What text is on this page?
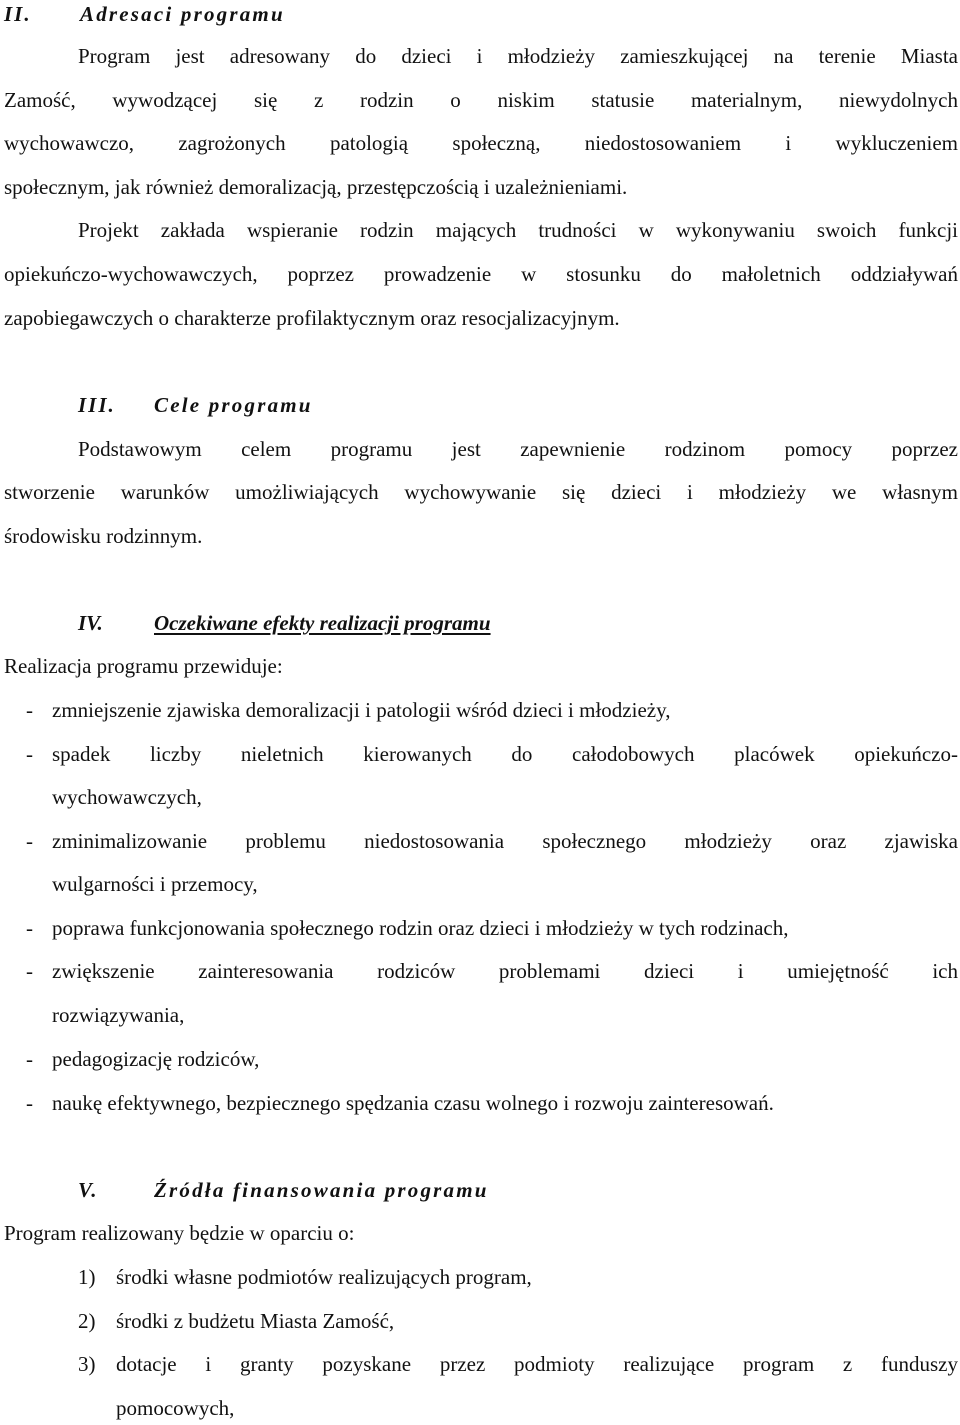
II. Adresaci programu
Program jest adresowany do dzieci i młodzieży zamieszkującej na terenie Miasta
Zamość, wywodzącej się z rodzin o niskim statusie materialnym, niewydolnych
wychowawczo, zagrożonych patologią społeczną, niedostosowaniem i wykluczeniem
społecznym, jak również demoralizacją, przestępczością i uzależnieniami.
Projekt zakłada wspieranie rodzin mających trudności w wykonywaniu swoich funkcji
opiekuńczo-wychowawczych, poprzez prowadzenie w stosunku do małoletnich oddziaływań
zapobiegawczych o charakterze profilaktycznym oraz resocjalizacyjnym.
III. Cele programu
Podstawowym celem programu jest zapewnienie rodzinom pomocy poprzez
stworzenie warunków umożliwiających wychowywanie się dzieci i młodzieży we własnym
środowisku rodzinnym.
IV. Oczekiwane efekty realizacji programu
Realizacja programu przewiduje:
- zmniejszenie zjawiska demoralizacji i patologii wśród dzieci i młodzieży,
- spadek liczby nieletnich kierowanych do całodobowych placówek opiekuńczo-
wychowawczych,
- zminimalizowanie problemu niedostosowania społecznego młodzieży oraz zjawiska
wulgarności i przemocy,
- poprawa funkcjonowania społecznego rodzin oraz dzieci i młodzieży w tych rodzinach,
- zwiększenie zainteresowania rodziców problemami dzieci i umiejętność ich
rozwiązywania,
- pedagogizację rodziców,
- naukę efektywnego, bezpiecznego spędzania czasu wolnego i rozwoju zainteresowań.
V.	Źródła finansowania programu
Program realizowany będzie w oparciu o:
1) środki własne podmiotów realizujących program,
2) środki z budżetu Miasta Zamość,
3) dotacje i granty pozyskane przez podmioty realizujące program z funduszy
pomocowych,
